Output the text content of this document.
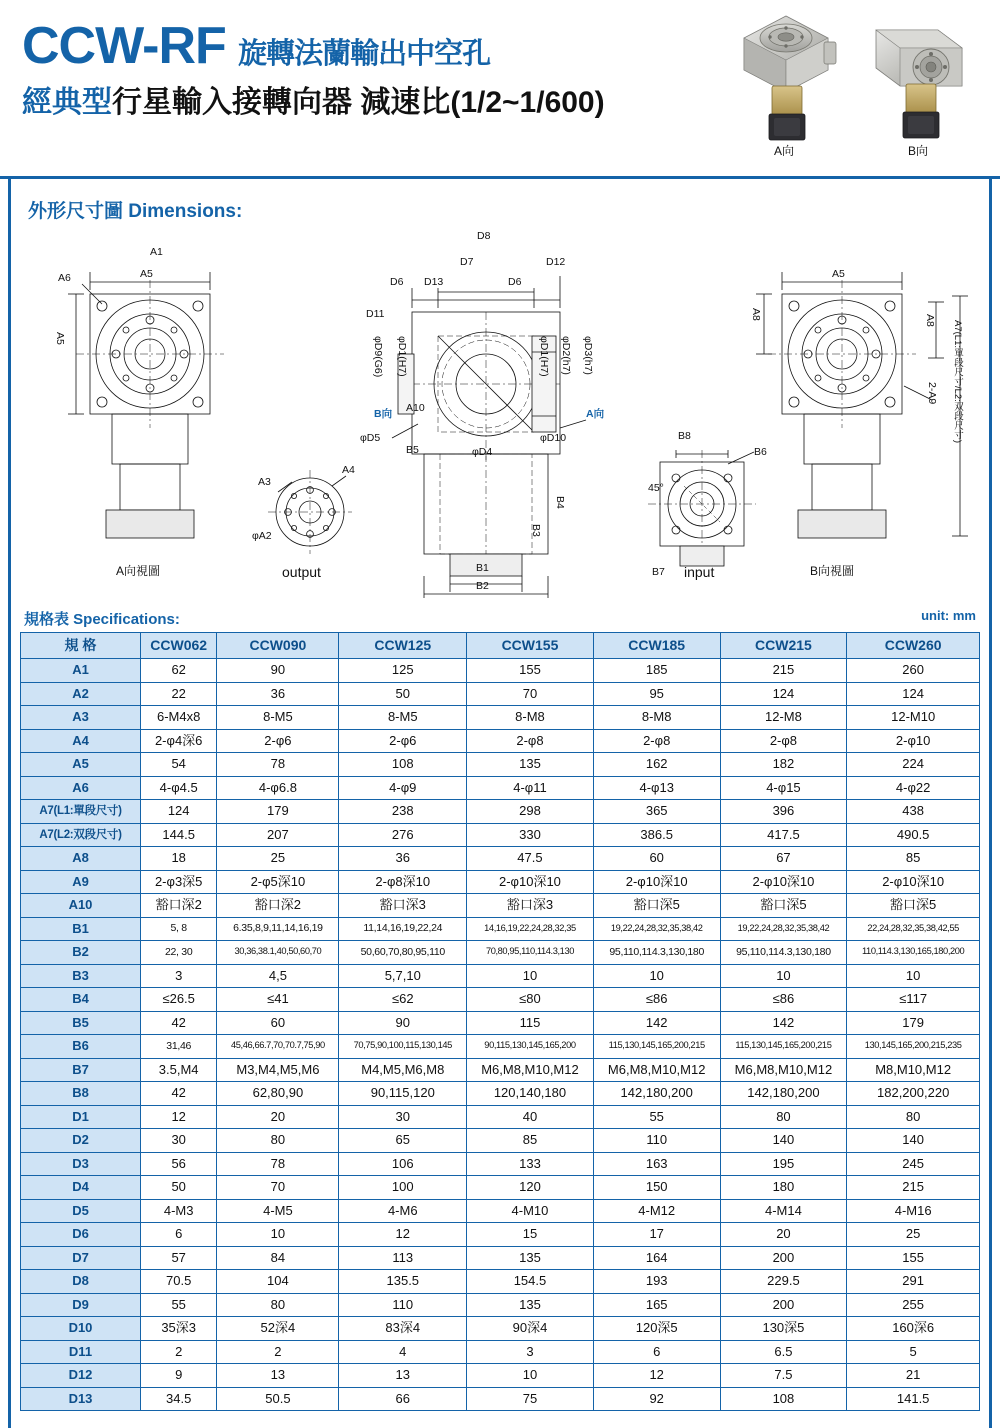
CCW-RF 旋轉法蘭輸出中空孔
經典型行星輸入接轉向器 減速比(1/2~1/600)
A向	B向
外形尺寸圖 Dimensions:
A1
A5
A6
A5
A3
A4
φA2
A向視圖	output
D8
D7	D12
D13
D6	D6
D11
φD9(G6) φD1(H7)	φD1(H7) φD2(h7) φD3(h7)
B向	A向
A10
φD5	φD10
B5	φD4
B1
B2
B3
B4
B8
B6
45°
B7 input
A5
A8	A8
2-A9 A7(L1:單段尺寸/L2:双段尺寸)
B向視圖
規格表 Specifications:	unit: mm
規 格	CCW062	CCW090	CCW125	CCW155	CCW185	CCW215	CCW260
A1	62	90	125	155	185	215	260
A2	22	36	50	70	95	124	124
A3	6-M4x8	8-M5	8-M5	8-M8	8-M8	12-M8	12-M10
A4	2-φ4深6	2-φ6	2-φ6	2-φ8	2-φ8	2-φ8	2-φ10
A5	54	78	108	135	162	182	224
A6	4-φ4.5	4-φ6.8	4-φ9	4-φ11	4-φ13	4-φ15	4-φ22
A7(L1:單段尺寸)	124	179	238	298	365	396	438
A7(L2:双段尺寸)	144.5	207	276	330	386.5	417.5	490.5
A8	18	25	36	47.5	60	67	85
A9	2-φ3深5	2-φ5深10	2-φ8深10	2-φ10深10	2-φ10深10	2-φ10深10	2-φ10深10
A10	豁口深2	豁口深2	豁口深3	豁口深3	豁口深5	豁口深5	豁口深5
B1	5, 8	6.35,8,9,11,14,16,19	11,14,16,19,22,24	14,16,19,22,24,28,32,35	19,22,24,28,32,35,38,42	19,22,24,28,32,35,38,42	22,24,28,32,35,38,42,55
B2	22, 30	30,36,38.1,40,50,60,70	50,60,70,80,95,110	70,80,95,110,114.3,130	95,110,114.3,130,180	95,110,114.3,130,180	110,114.3,130,165,180,200
B3	3	4,5	5,7,10	10	10	10	10
B4	≤26.5	≤41	≤62	≤80	≤86	≤86	≤117
B5	42	60	90	115	142	142	179
B6	31,46	45,46,66.7,70,70.7,75,90	70,75,90,100,115,130,145	90,115,130,145,165,200	115,130,145,165,200,215	115,130,145,165,200,215	130,145,165,200,215,235
B7	3.5,M4	M3,M4,M5,M6	M4,M5,M6,M8	M6,M8,M10,M12	M6,M8,M10,M12	M6,M8,M10,M12	M8,M10,M12
B8	42	62,80,90	90,115,120	120,140,180	142,180,200	142,180,200	182,200,220
D1	12	20	30	40	55	80	80
D2	30	80	65	85	110	140	140
D3	56	78	106	133	163	195	245
D4	50	70	100	120	150	180	215
D5	4-M3	4-M5	4-M6	4-M10	4-M12	4-M14	4-M16
D6	6	10	12	15	17	20	25
D7	57	84	113	135	164	200	155
D8	70.5	104	135.5	154.5	193	229.5	291
D9	55	80	110	135	165	200	255
D10	35深3	52深4	83深4	90深4	120深5	130深5	160深6
D11	2	2	4	3	6	6.5	5
D12	9	13	13	10	12	7.5	21
D13	34.5	50.5	66	75	92	108	141.5
